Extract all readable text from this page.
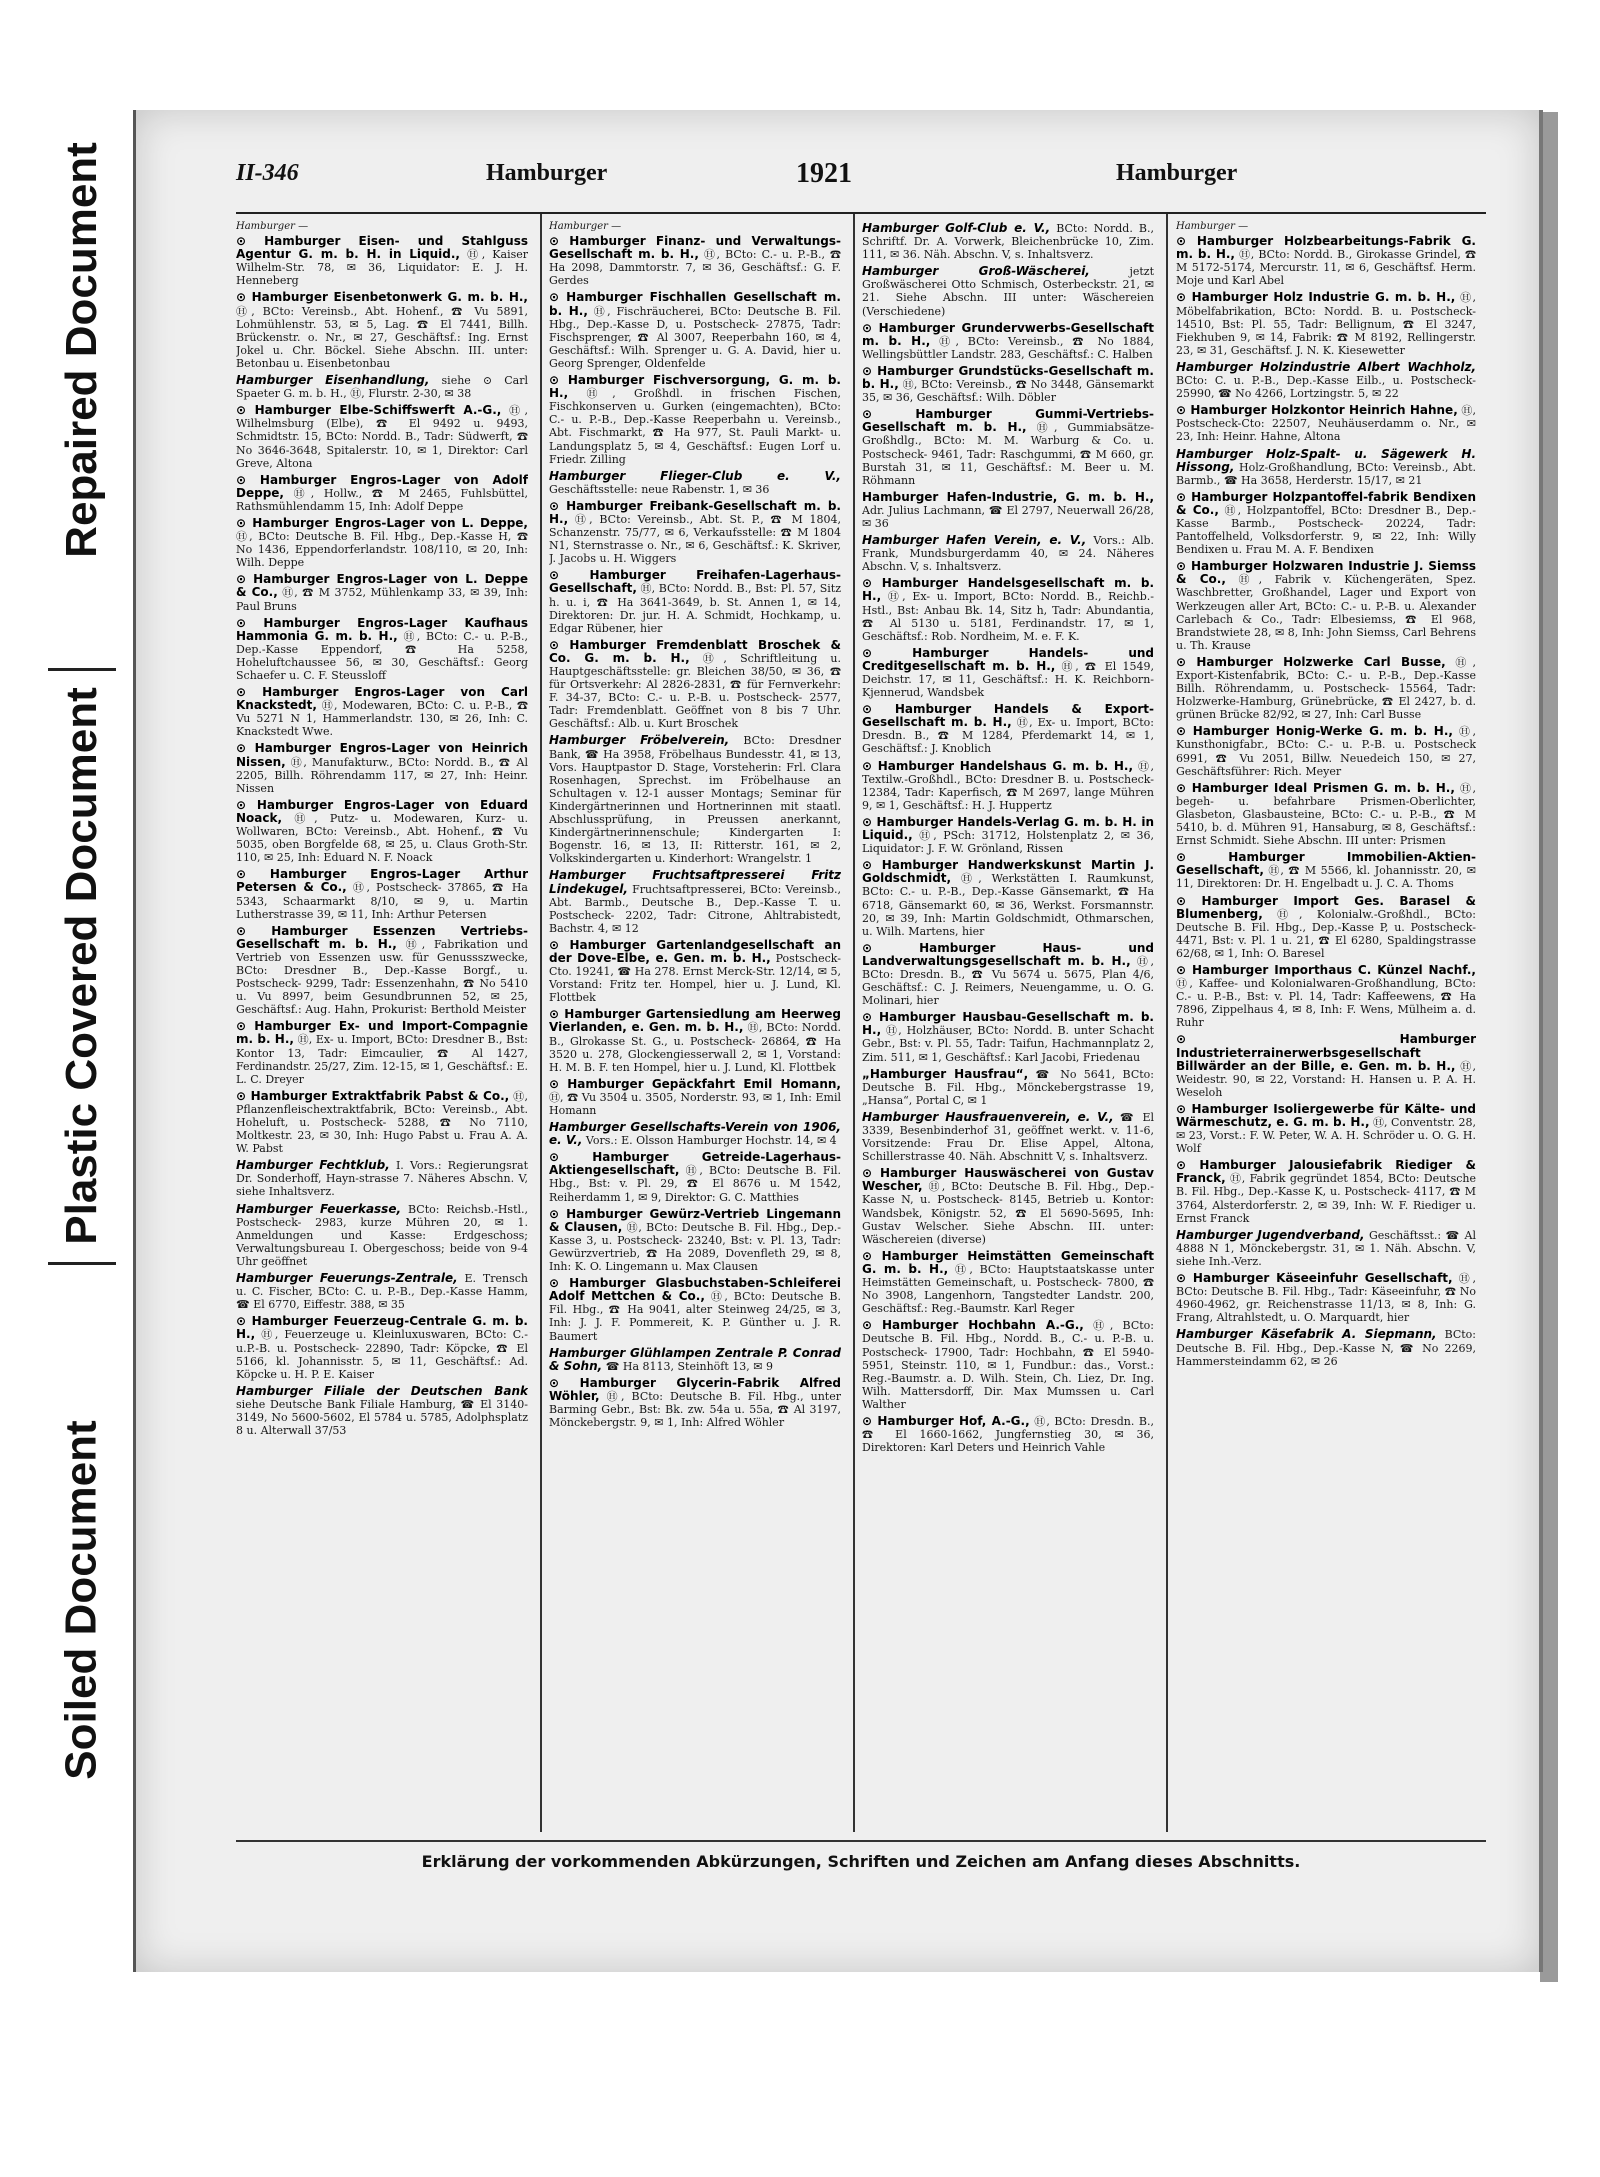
Repaired Document
Plastic Covered Document
Soiled Document
II-346	Hamburger	1921	Hamburger
Hamburger —
⊙ Hamburger Eisen- und Stahlguss Agentur G. m. b. H. in Liquid., Ⓗ, Kaiser Wilhelm-Str. 78, ✉ 36, Liquidator: E. J. H. Henneberg
⊙ Hamburger Eisenbetonwerk G. m. b. H., Ⓗ, BCto: Vereinsb., Abt. Hohenf., ☎ Vu 5891, Lohmühlenstr. 53, ✉ 5, Lag. ☎ El 7441, Billh. Brückenstr. o. Nr., ✉ 27, Geschäftsf.: Ing. Ernst Jokel u. Chr. Böckel. Siehe Abschn. III. unter: Betonbau u. Eisenbetonbau
Hamburger Eisenhandlung, siehe ⊙ Carl Spaeter G. m. b. H., Ⓗ, Flurstr. 2-30, ✉ 38
⊙ Hamburger Elbe-Schiffswerft A.-G., Ⓗ, Wilhelmsburg (Elbe), ☎ El 9492 u. 9493, Schmidtstr. 15, BCto: Nordd. B., Tadr: Südwerft, ☎ No 3646-3648, Spitalerstr. 10, ✉ 1, Direktor: Carl Greve, Altona
⊙ Hamburger Engros-Lager von Adolf Deppe, Ⓗ, Hollw., ☎ M 2465, Fuhlsbüttel, Rathsmühlendamm 15, Inh: Adolf Deppe
⊙ Hamburger Engros-Lager von L. Deppe, Ⓗ, BCto: Deutsche B. Fil. Hbg., Dep.-Kasse H, ☎ No 1436, Eppendorferlandstr. 108/110, ✉ 20, Inh: Wilh. Deppe
⊙ Hamburger Engros-Lager von L. Deppe & Co., Ⓗ, ☎ M 3752, Mühlenkamp 33, ✉ 39, Inh: Paul Bruns
⊙ Hamburger Engros-Lager Kaufhaus Hammonia G. m. b. H., Ⓗ, BCto: C.- u. P.-B., Dep.-Kasse Eppendorf, ☎ Ha 5258, Hoheluftchaussee 56, ✉ 30, Geschäftsf.: Georg Schaefer u. C. F. Steussloff
⊙ Hamburger Engros-Lager von Carl Knackstedt, Ⓗ, Modewaren, BCto: C. u. P.-B., ☎ Vu 5271 N 1, Hammerlandstr. 130, ✉ 26, Inh: C. Knackstedt Wwe.
⊙ Hamburger Engros-Lager von Heinrich Nissen, Ⓗ, Manufakturw., BCto: Nordd. B., ☎ Al 2205, Billh. Röhrendamm 117, ✉ 27, Inh: Heinr. Nissen
⊙ Hamburger Engros-Lager von Eduard Noack, Ⓗ, Putz- u. Modewaren, Kurz- u. Wollwaren, BCto: Vereinsb., Abt. Hohenf., ☎ Vu 5035, oben Borgfelde 68, ✉ 25, u. Claus Groth-Str. 110, ✉ 25, Inh: Eduard N. F. Noack
⊙ Hamburger Engros-Lager Arthur Petersen & Co., Ⓗ, Postscheck- 37865, ☎ Ha 5343, Schaarmarkt 8/10, ✉ 9, u. Martin Lutherstrasse 39, ✉ 11, Inh: Arthur Petersen
⊙ Hamburger Essenzen Vertriebs-Gesellschaft m. b. H., Ⓗ, Fabrikation und Vertrieb von Essenzen usw. für Genussszwecke, BCto: Dresdner B., Dep.-Kasse Borgf., u. Postscheck- 9299, Tadr: Essenzenhahn, ☎ No 5410 u. Vu 8997, beim Gesundbrunnen 52, ✉ 25, Geschäftsf.: Aug. Hahn, Prokurist: Berthold Meister
⊙ Hamburger Ex- und Import-Compagnie m. b. H., Ⓗ, Ex- u. Import, BCto: Dresdner B., Bst: Kontor 13, Tadr: Eimcaulier, ☎ Al 1427, Ferdinandstr. 25/27, Zim. 12-15, ✉ 1, Geschäftsf.: E. L. C. Dreyer
⊙ Hamburger Extraktfabrik Pabst & Co., Ⓗ, Pflanzenfleischextraktfabrik, BCto: Vereinsb., Abt. Hoheluft, u. Postscheck- 5288, ☎ No 7110, Moltkestr. 23, ✉ 30, Inh: Hugo Pabst u. Frau A. A. W. Pabst
Hamburger Fechtklub, I. Vors.: Regierungsrat Dr. Sonderhoff, Hayn-strasse 7. Näheres Abschn. V, siehe Inhaltsverz.
Hamburger Feuerkasse, BCto: Reichsb.-Hstl., Postscheck- 2983, kurze Mühren 20, ✉ 1. Anmeldungen und Kasse: Erdgeschoss; Verwaltungsbureau I. Obergeschoss; beide von 9-4 Uhr geöffnet
Hamburger Feuerungs-Zentrale, E. Trensch u. C. Fischer, BCto: C. u. P.-B., Dep.-Kasse Hamm, ☎ El 6770, Eiffestr. 388, ✉ 35
⊙ Hamburger Feuerzeug-Centrale G. m. b. H., Ⓗ, Feuerzeuge u. Kleinluxuswaren, BCto: C.-u.P.-B. u. Postscheck- 22890, Tadr: Köpcke, ☎ El 5166, kl. Johannisstr. 5, ✉ 11, Geschäftsf.: Ad. Köpcke u. H. P. E. Kaiser
Hamburger Filiale der Deutschen Bank siehe Deutsche Bank Filiale Hamburg, ☎ El 3140-3149, No 5600-5602, El 5784 u. 5785, Adolphsplatz 8 u. Alterwall 37/53
Hamburger —
⊙ Hamburger Finanz- und Verwaltungs-Gesellschaft m. b. H., Ⓗ, BCto: C.- u. P.-B., ☎ Ha 2098, Dammtorstr. 7, ✉ 36, Geschäftsf.: G. F. Gerdes
⊙ Hamburger Fischhallen Gesellschaft m. b. H., Ⓗ, Fischräucherei, BCto: Deutsche B. Fil. Hbg., Dep.-Kasse D, u. Postscheck- 27875, Tadr: Fischsprenger, ☎ Al 3007, Reeperbahn 160, ✉ 4, Geschäftsf.: Wilh. Sprenger u. G. A. David, hier u. Georg Sprenger, Oldenfelde
⊙ Hamburger Fischversorgung, G. m. b. H., Ⓗ, Großhdl. in frischen Fischen, Fischkonserven u. Gurken (eingemachten), BCto: C.- u. P.-B., Dep.-Kasse Reeperbahn u. Vereinsb., Abt. Fischmarkt, ☎ Ha 977, St. Pauli Markt- u. Landungsplatz 5, ✉ 4, Geschäftsf.: Eugen Lorf u. Friedr. Zilling
Hamburger Flieger-Club e. V., Geschäftsstelle: neue Rabenstr. 1, ✉ 36
⊙ Hamburger Freibank-Gesellschaft m. b. H., Ⓗ, BCto: Vereinsb., Abt. St. P., ☎ M 1804, Schanzenstr. 75/77, ✉ 6, Verkaufsstelle: ☎ M 1804 N1, Sternstrasse o. Nr., ✉ 6, Geschäftsf.: K. Skriver, J. Jacobs u. H. Wiggers
⊙ Hamburger Freihafen-Lagerhaus-Gesellschaft, Ⓗ, BCto: Nordd. B., Bst: Pl. 57, Sitz h. u. i, ☎ Ha 3641-3649, b. St. Annen 1, ✉ 14, Direktoren: Dr. jur. H. A. Schmidt, Hochkamp, u. Edgar Rübener, hier
⊙ Hamburger Fremdenblatt Broschek & Co. G. m. b. H., Ⓗ, Schriftleitung u. Hauptgeschäftsstelle: gr. Bleichen 38/50, ✉ 36, ☎ für Ortsverkehr: Al 2826-2831, ☎ für Fernverkehr: F. 34-37, BCto: C.- u. P.-B. u. Postscheck- 2577, Tadr: Fremdenblatt. Geöffnet von 8 bis 7 Uhr. Geschäftsf.: Alb. u. Kurt Broschek
Hamburger Fröbelverein, BCto: Dresdner Bank, ☎ Ha 3958, Fröbelhaus Bundesstr. 41, ✉ 13, Vors. Hauptpastor D. Stage, Vorsteherin: Frl. Clara Rosenhagen, Sprechst. im Fröbelhause an Schultagen v. 12-1 ausser Montags; Seminar für Kindergärtnerinnen und Hortnerinnen mit staatl. Abschlussprüfung, in Preussen anerkannt, Kindergärtnerinnenschule; Kindergarten I: Bogenstr. 16, ✉ 13, II: Ritterstr. 161, ✉ 2, Volkskindergarten u. Kinderhort: Wrangelstr. 1
Hamburger Fruchtsaftpresserei Fritz Lindekugel, Fruchtsaftpresserei, BCto: Vereinsb., Abt. Barmb., Deutsche B., Dep.-Kasse T. u. Postscheck- 2202, Tadr: Citrone, Ahltrabistedt, Bachstr. 4, ✉ 12
⊙ Hamburger Gartenlandgesellschaft an der Dove-Elbe, e. Gen. m. b. H., Postscheck-Cto. 19241, ☎ Ha 278. Ernst Merck-Str. 12/14, ✉ 5, Vorstand: Fritz ter. Hompel, hier u. J. Lund, Kl. Flottbek
⊙ Hamburger Gartensiedlung am Heerweg Vierlanden, e. Gen. m. b. H., Ⓗ, BCto: Nordd. B., Glrokasse St. G., u. Postscheck- 26864, ☎ Ha 3520 u. 278, Glockengiesserwall 2, ✉ 1, Vorstand: H. M. B. F. ten Hompel, hier u. J. Lund, Kl. Flottbek
⊙ Hamburger Gepäckfahrt Emil Homann, Ⓗ, ☎ Vu 3504 u. 3505, Norderstr. 93, ✉ 1, Inh: Emil Homann
Hamburger Gesellschafts-Verein von 1906, e. V., Vors.: E. Olsson Hamburger Hochstr. 14, ✉ 4
⊙ Hamburger Getreide-Lagerhaus-Aktiengesellschaft, Ⓗ, BCto: Deutsche B. Fil. Hbg., Bst: v. Pl. 29, ☎ El 8676 u. M 1542, Reiherdamm 1, ✉ 9, Direktor: G. C. Matthies
⊙ Hamburger Gewürz-Vertrieb Lingemann & Clausen, Ⓗ, BCto: Deutsche B. Fil. Hbg., Dep.-Kasse 3, u. Postscheck- 23240, Bst: v. Pl. 13, Tadr: Gewürzvertrieb, ☎ Ha 2089, Dovenfleth 29, ✉ 8, Inh: K. O. Lingemann u. Max Clausen
⊙ Hamburger Glasbuchstaben-Schleiferei Adolf Mettchen & Co., Ⓗ, BCto: Deutsche B. Fil. Hbg., ☎ Ha 9041, alter Steinweg 24/25, ✉ 3, Inh: J. J. F. Pommereit, K. P. Günther u. J. R. Baumert
Hamburger Glühlampen Zentrale P. Conrad & Sohn, ☎ Ha 8113, Steinhöft 13, ✉ 9
⊙ Hamburger Glycerin-Fabrik Alfred Wöhler, Ⓗ, BCto: Deutsche B. Fil. Hbg., unter Barming Gebr., Bst: Bk. zw. 54a u. 55a, ☎ Al 3197, Mönckebergstr. 9, ✉ 1, Inh: Alfred Wöhler
Hamburger Golf-Club e. V., BCto: Nordd. B., Schriftf. Dr. A. Vorwerk, Bleichenbrücke 10, Zim. 111, ✉ 36. Näh. Abschn. V, s. Inhaltsverz.
Hamburger Groß-Wäscherei,	jetzt Großwäscherei Otto Schmisch, Osterbeckstr. 21, ✉ 21. Siehe Abschn. III unter: Wäschereien (Verschiedene)
⊙ Hamburger Grundervwerbs-Gesellschaft m. b. H., Ⓗ, BCto: Vereinsb., ☎ No 1884, Wellingsbüttler Landstr. 283, Geschäftsf.: C. Halben
⊙ Hamburger Grundstücks-Gesellschaft m. b. H., Ⓗ, BCto: Vereinsb., ☎ No 3448, Gänsemarkt 35, ✉ 36, Geschäftsf.: Wilh. Döbler
⊙ Hamburger Gummi-Vertriebs-Gesellschaft m. b. H., Ⓗ, Gummiabsätze-Großhdlg., BCto: M. M. Warburg & Co. u. Postscheck- 9461, Tadr: Raschgummi, ☎ M 660, gr. Burstah 31, ✉ 11, Geschäftsf.: M. Beer u. M. Röhmann
Hamburger Hafen-Industrie, G. m. b. H., Adr. Julius Lachmann, ☎ El 2797, Neuerwall 26/28, ✉ 36
Hamburger Hafen Verein, e. V., Vors.: Alb. Frank, Mundsburgerdamm 40, ✉ 24. Näheres Abschn. V, s. Inhaltsverz.
⊙ Hamburger Handelsgesellschaft m. b. H., Ⓗ, Ex- u. Import, BCto: Nordd. B., Reichb.-Hstl., Bst: Anbau Bk. 14, Sitz h, Tadr: Abundantia, ☎ Al 5130 u. 5181, Ferdinandstr. 17, ✉ 1, Geschäftsf.: Rob. Nordheim, M. e. F. K.
⊙ Hamburger Handels- und Creditgesellschaft m. b. H., Ⓗ, ☎ El 1549, Deichstr. 17, ✉ 11, Geschäftsf.: H. K. Reichborn-Kjennerud, Wandsbek
⊙ Hamburger Handels & Export-Gesellschaft m. b. H., Ⓗ, Ex- u. Import, BCto: Dresdn. B., ☎ M 1284, Pferdemarkt 14, ✉ 1, Geschäftsf.: J. Knoblich
⊙ Hamburger Handelshaus G. m. b. H., Ⓗ, Textilw.-Großhdl., BCto: Dresdner B. u. Postscheck- 12384, Tadr: Kaperfisch, ☎ M 2697, lange Mühren 9, ✉ 1, Geschäftsf.: H. J. Huppertz
⊙ Hamburger Handels-Verlag G. m. b. H. in Liquid., Ⓗ, PSch: 31712, Holstenplatz 2, ✉ 36, Liquidator: J. F. W. Grönland, Rissen
⊙ Hamburger Handwerkskunst Martin J. Goldschmidt, Ⓗ, Werkstätten I. Raumkunst, BCto: C.- u. P.-B., Dep.-Kasse Gänsemarkt, ☎ Ha 6718, Gänsemarkt 60, ✉ 36, Werkst. Forsmannstr. 20, ✉ 39, Inh: Martin Goldschmidt, Othmarschen, u. Wilh. Martens, hier
⊙ Hamburger Haus- und Landverwaltungsgesellschaft m. b. H., Ⓗ, BCto: Dresdn. B., ☎ Vu 5674 u. 5675, Plan 4/6, Geschäftsf.: C. J. Reimers, Neuengamme, u. O. G. Molinari, hier
⊙ Hamburger Hausbau-Gesellschaft m. b. H., Ⓗ, Holzhäuser, BCto: Nordd. B. unter Schacht Gebr., Bst: v. Pl. 55, Tadr: Taifun, Hachmannplatz 2, Zim. 511, ✉ 1, Geschäftsf.: Karl Jacobi, Friedenau
„Hamburger Hausfrau“, ☎ No 5641, BCto: Deutsche B. Fil. Hbg., Mönckebergstrasse 19, „Hansa“, Portal C, ✉ 1
Hamburger Hausfrauenverein, e. V., ☎ El 3339, Besenbinderhof 31, geöffnet werkt. v. 11-6, Vorsitzende: Frau Dr. Elise Appel, Altona, Schillerstrasse 40. Näh. Abschnitt V, s. Inhaltsverz.
⊙ Hamburger Hauswäscherei von Gustav Wescher, Ⓗ, BCto: Deutsche B. Fil. Hbg., Dep.-Kasse N, u. Postscheck- 8145, Betrieb u. Kontor: Wandsbek, Königstr. 52, ☎ El 5690-5695, Inh: Gustav Welscher. Siehe Abschn. III. unter: Wäschereien (diverse)
⊙ Hamburger Heimstätten Gemeinschaft G. m. b. H., Ⓗ, BCto: Hauptstaatskasse unter Heimstätten Gemeinschaft, u. Postscheck- 7800, ☎ No 3908, Langenhorn, Tangstedter Landstr. 200, Geschäftsf.: Reg.-Baumstr. Karl Reger
⊙ Hamburger Hochbahn A.-G., Ⓗ, BCto: Deutsche B. Fil. Hbg., Nordd. B., C.- u. P.-B. u. Postscheck- 17900, Tadr: Hochbahn, ☎ El 5940-5951, Steinstr. 110, ✉ 1, Fundbur.: das., Vorst.: Reg.-Baumstr. a. D. Wilh. Stein, Ch. Liez, Dr. Ing. Wilh. Mattersdorff, Dir. Max Mumssen u. Carl Walther
⊙ Hamburger Hof, A.-G., Ⓗ, BCto: Dresdn. B., ☎ El 1660-1662, Jungfernstieg 30, ✉ 36, Direktoren: Karl Deters und Heinrich Vahle
Hamburger —
⊙ Hamburger Holzbearbeitungs-Fabrik G. m. b. H., Ⓗ, BCto: Nordd. B., Girokasse Grindel, ☎ M 5172-5174, Mercurstr. 11, ✉ 6, Geschäftsf. Herm. Moje und Karl Abel
⊙ Hamburger Holz Industrie G. m. b. H., Ⓗ, Möbelfabrikation, BCto: Nordd. B. u. Postscheck- 14510, Bst: Pl. 55, Tadr: Bellignum, ☎ El 3247, Fiekhuben 9, ✉ 14, Fabrik: ☎ M 8192, Rellingerstr. 23, ✉ 31, Geschäftsf. J. N. K. Kiesewetter
Hamburger Holzindustrie Albert Wachholz, BCto: C. u. P.-B., Dep.-Kasse Eilb., u. Postscheck- 25990, ☎ No 4266, Lortzingstr. 5, ✉ 22
⊙ Hamburger Holzkontor Heinrich Hahne, Ⓗ, Postscheck-Cto: 22507, Neuhäuserdamm o. Nr., ✉ 23, Inh: Heinr. Hahne, Altona
Hamburger Holz-Spalt- u. Sägewerk H. Hissong, Holz-Großhandlung, BCto: Vereinsb., Abt. Barmb., ☎ Ha 3658, Herderstr. 15/17, ✉ 21
⊙ Hamburger Holzpantoffel-fabrik Bendixen & Co., Ⓗ, Holzpantoffel, BCto: Dresdner B., Dep.-Kasse Barmb., Postscheck- 20224, Tadr: Pantoffelheld, Volksdorferstr. 9, ✉ 22, Inh: Willy Bendixen u. Frau M. A. F. Bendixen
⊙ Hamburger Holzwaren Industrie J. Siemss & Co., Ⓗ, Fabrik v. Küchengeräten, Spez. Waschbretter, Großhandel, Lager und Export von Werkzeugen aller Art, BCto: C.- u. P.-B. u. Alexander Carlebach & Co., Tadr: Elbesiemss, ☎ El 968, Brandstwiete 28, ✉ 8, Inh: John Siemss, Carl Behrens u. Th. Krause
⊙ Hamburger Holzwerke Carl Busse, Ⓗ, Export-Kistenfabrik, BCto: C.- u. P.-B., Dep.-Kasse Billh. Röhrendamm, u. Postscheck- 15564, Tadr: Holzwerke-Hamburg, Grünebrücke, ☎ El 2427, b. d. grünen Brücke 82/92, ✉ 27, Inh: Carl Busse
⊙ Hamburger Honig-Werke G. m. b. H., Ⓗ, Kunsthonigfabr., BCto: C.- u. P.-B. u. Postscheck 6991, ☎ Vu 2051, Billw. Neuedeich 150, ✉ 27, Geschäftsführer: Rich. Meyer
⊙ Hamburger Ideal Prismen G. m. b. H., Ⓗ, begeh- u. befahrbare Prismen-Oberlichter, Glasbeton, Glasbausteine, BCto: C.- u. P.-B., ☎ M 5410, b. d. Mühren 91, Hansaburg, ✉ 8, Geschäftsf.: Ernst Schmidt. Siehe Abschn. III unter: Prismen
⊙ Hamburger Immobilien-Aktien-Gesellschaft, Ⓗ, ☎ M 5566, kl. Johannisstr. 20, ✉ 11, Direktoren: Dr. H. Engelbadt u. J. C. A. Thoms
⊙ Hamburger Import Ges. Barasel & Blumenberg, Ⓗ, Kolonialw.-Großhdl., BCto: Deutsche B. Fil. Hbg., Dep.-Kasse P, u. Postscheck- 4471, Bst: v. Pl. 1 u. 21, ☎ El 6280, Spaldingstrasse 62/68, ✉ 1, Inh: O. Baresel
⊙ Hamburger Importhaus C. Künzel Nachf., Ⓗ, Kaffee- und Kolonialwaren-Großhandlung, BCto: C.- u. P.-B., Bst: v. Pl. 14, Tadr: Kaffeewens, ☎ Ha 7896, Zippelhaus 4, ✉ 8, Inh: F. Wens, Mülheim a. d. Ruhr
⊙ Hamburger Industrieterrainerwerbsgesellschaft Billwärder an der Bille, e. Gen. m. b. H., Ⓗ, Weidestr. 90, ✉ 22, Vorstand: H. Hansen u. P. A. H. Weseloh
⊙ Hamburger Isoliergewerbe für Kälte- und Wärmeschutz, e. G. m. b. H., Ⓗ, Conventstr. 28, ✉ 23, Vorst.: F. W. Peter, W. A. H. Schröder u. O. G. H. Wolf
⊙ Hamburger Jalousiefabrik Riediger & Franck, Ⓗ, Fabrik gegründet 1854, BCto: Deutsche B. Fil. Hbg., Dep.-Kasse K, u. Postscheck- 4117, ☎ M 3764, Alsterdorferstr. 2, ✉ 39, Inh: W. F. Riediger u. Ernst Franck
Hamburger Jugendverband, Geschäftsst.: ☎ Al 4888 N 1, Mönckebergstr. 31, ✉ 1. Näh. Abschn. V, siehe Inh.-Verz.
⊙ Hamburger Käseeinfuhr Gesellschaft, Ⓗ, BCto: Deutsche B. Fil. Hbg., Tadr: Käseeinfuhr, ☎ No 4960-4962, gr. Reichenstrasse 11/13, ✉ 8, Inh: G. Frang, Altrahlstedt, u. O. Marquardt, hier
Hamburger Käsefabrik A. Siepmann, BCto: Deutsche B. Fil. Hbg., Dep.-Kasse N, ☎ No 2269, Hammersteindamm 62, ✉ 26
Erklärung der vorkommenden Abkürzungen, Schriften und Zeichen am Anfang dieses Abschnitts.
